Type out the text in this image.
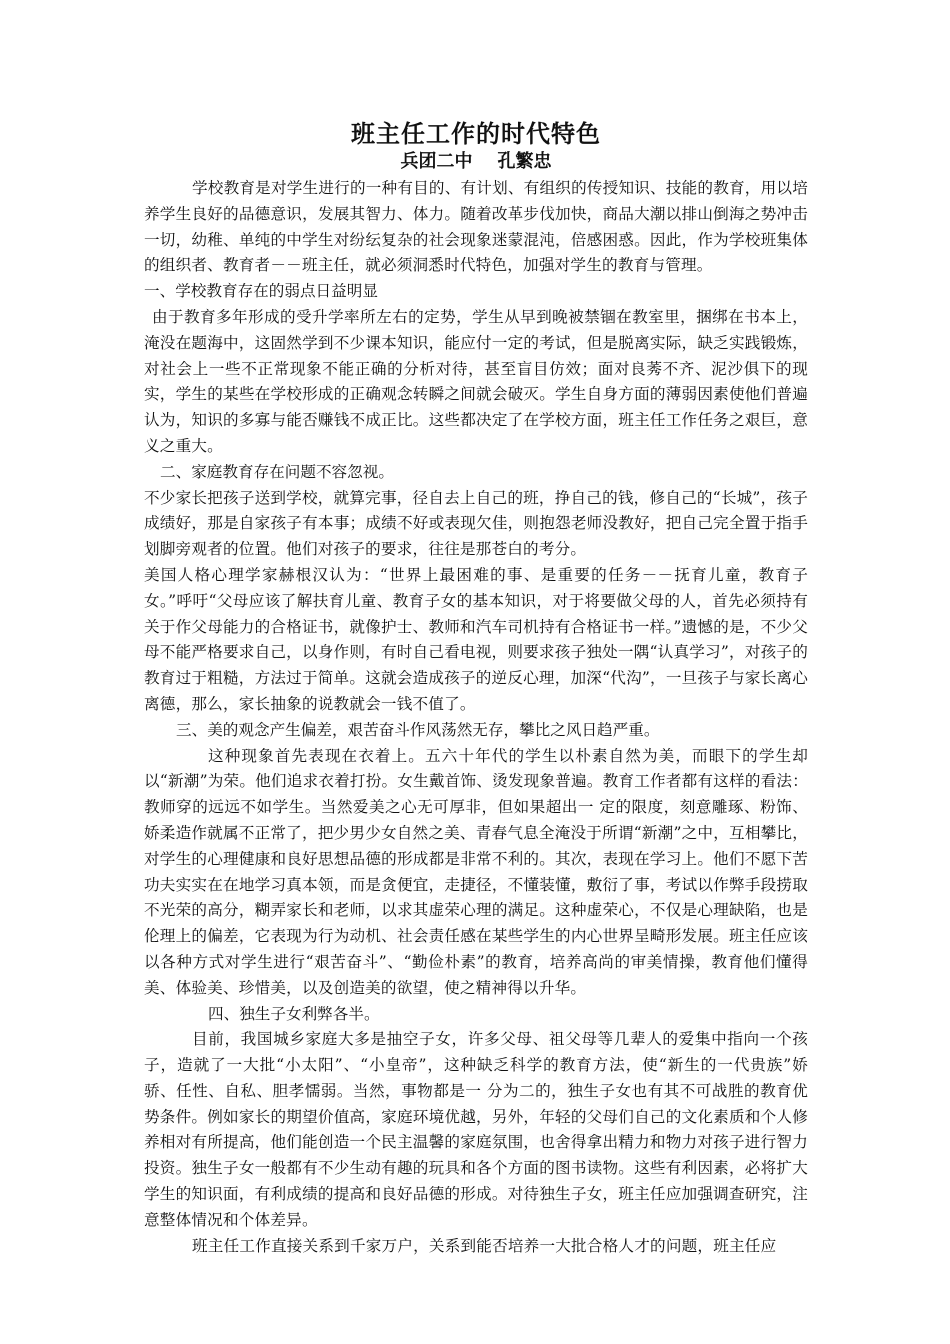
班主任工作的时代特色
兵团二中    孔繁忠

学校教育是对学生进行的一种有目的、有计划、有组织的传授知识、技能的教育，用以培养学生良好的品德意识，发展其智力、体力。随着改革步伐加快，商品大潮以排山倒海之势冲击一切，幼稚、单纯的中学生对纷纭复杂的社会现象迷蒙混沌，倍感困惑。因此，作为学校班集体的组织者、教育者－－班主任，就必须洞悉时代特色，加强对学生的教育与管理。

一、学校教育存在的弱点日益明显

由于教育多年形成的受升学率所左右的定势，学生从早到晚被禁锢在教室里，捆绑在书本上，淹没在题海中，这固然学到不少课本知识，能应付一定的考试，但是脱离实际，缺乏实践锻炼，对社会上一些不正常现象不能正确的分析对待，甚至盲目仿效；面对良莠不齐、泥沙俱下的现实，学生的某些在学校形成的正确观念转瞬之间就会破灭。学生自身方面的薄弱因素使他们普遍认为，知识的多寡与能否赚钱不成正比。这些都决定了在学校方面，班主任工作任务之艰巨，意义之重大。

二、家庭教育存在问题不容忽视。

不少家长把孩子送到学校，就算完事，径自去上自己的班，挣自己的钱，修自己的“长城”，孩子成绩好，那是自家孩子有本事；成绩不好或表现欠佳，则抱怨老师没教好，把自己完全置于指手划脚旁观者的位置。他们对孩子的要求，往往是那苍白的考分。

美国人格心理学家赫根汉认为：“世界上最困难的事、是重要的任务－－抚育儿童，教育子女。”呼吁“父母应该了解扶育儿童、教育子女的基本知识，对于将要做父母的人，首先必须持有关于作父母能力的合格证书，就像护士、教师和汽车司机持有合格证书一样。”遗憾的是，不少父母不能严格要求自己，以身作则，有时自己看电视，则要求孩子独处一隅“认真学习”，对孩子的教育过于粗糙，方法过于简单。这就会造成孩子的逆反心理，加深“代沟”，一旦孩子与家长离心离德，那么，家长抽象的说教就会一钱不值了。

三、美的观念产生偏差，艰苦奋斗作风荡然无存，攀比之风日趋严重。

这种现象首先表现在衣着上。五六十年代的学生以朴素自然为美，而眼下的学生却以“新潮”为荣。他们追求衣着打扮。女生戴首饰、烫发现象普遍。教育工作者都有这样的看法：教师穿的远远不如学生。当然爱美之心无可厚非，但如果超出一 定的限度，刻意雕琢、粉饰、娇柔造作就属不正常了，把少男少女自然之美、青春气息全淹没于所谓“新潮”之中，互相攀比，对学生的心理健康和良好思想品德的形成都是非常不利的。其次，表现在学习上。他们不愿下苦功夫实实在在地学习真本领，而是贪便宜，走捷径，不懂装懂，敷衍了事，考试以作弊手段捞取不光荣的高分，糊弄家长和老师，以求其虚荣心理的满足。这种虚荣心，不仅是心理缺陷，也是伦理上的偏差，它表现为行为动机、社会责任感在某些学生的内心世界呈畸形发展。班主任应该以各种方式对学生进行“艰苦奋斗”、“勤俭朴素”的教育，培养高尚的审美情操，教育他们懂得美、体验美、珍惜美，以及创造美的欲望，使之精神得以升华。

四、独生子女利弊各半。

目前，我国城乡家庭大多是抽空子女，许多父母、祖父母等几辈人的爱集中指向一个孩子，造就了一大批“小太阳”、“小皇帝”，这种缺乏科学的教育方法，使“新生的一代贵族”娇骄、任性、自私、胆孝懦弱。当然，事物都是一 分为二的，独生子女也有其不可战胜的教育优势条件。例如家长的期望价值高，家庭环境优越，另外，年轻的父母们自己的文化素质和个人修养相对有所提高，他们能创造一个民主温馨的家庭氛围，也舍得拿出精力和物力对孩子进行智力投资。独生子女一般都有不少生动有趣的玩具和各个方面的图书读物。这些有利因素，必将扩大学生的知识面，有利成绩的提高和良好品德的形成。对待独生子女，班主任应加强调查研究，注意整体情况和个体差异。

班主任工作直接关系到千家万户，关系到能否培养一大批合格人才的问题，班主任应
